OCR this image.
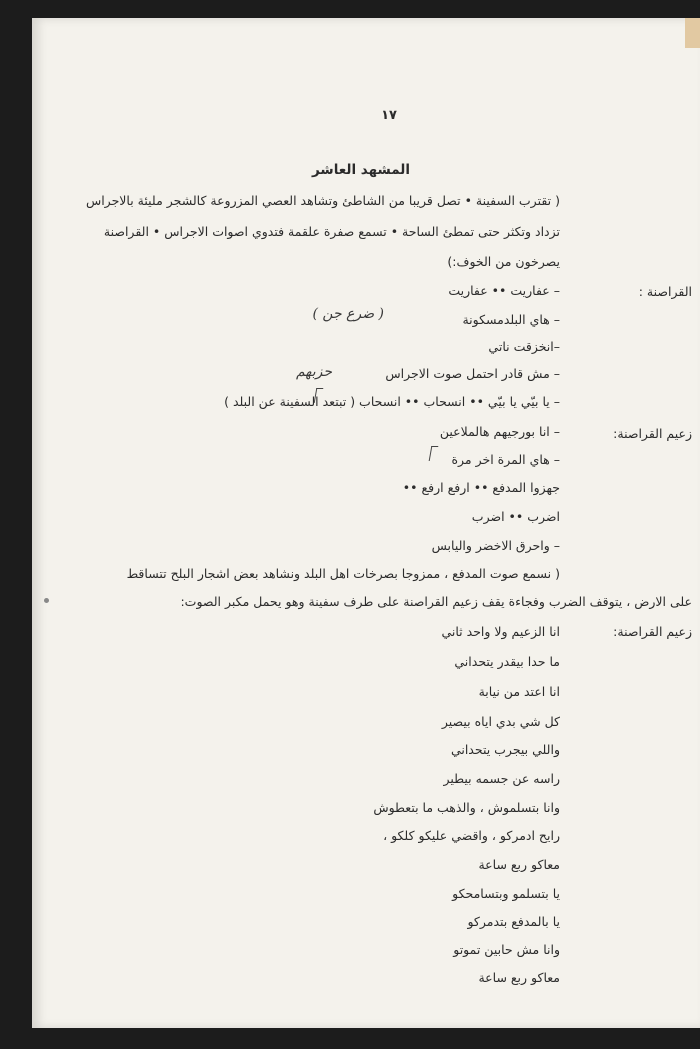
١٧
المشهد العاشر
( تقترب السفينة • تصل قريبا من الشاطئ وتشاهد العصي المزروعة كالشجر مليئة بالاجراس
تزداد وتكثر حتى تمطئ الساحة • تسمع صفرة علقمة فتدوي اصوات الاجراس • القراصنة
يصرخون من الخوف:)
القراصنة :
زعيم القراصنة:
زعيم القراصنة:
– عفاريت •• عفاريت
– هاي البلدمسكونة
( ضرع جن )
–انخزقت ناتي
– مش قادر احتمل صوت الاجراس
حزبهم
– يا بيّي يا بيّي •• انسحاب •• انسحاب ( تبتعد السفينة عن البلد )
– انا بورجيهم هالملاعين
– هاي المرة اخر مرة
جهزوا المدفع •• ارفع ارفع ••
اضرب •• اضرب
– واحرق الاخضر واليابس
( نسمع صوت المدفع ، ممزوجا بصرخات اهل البلد ونشاهد بعض اشجار البلح تتساقط
على الارض ، يتوقف الضرب وفجاءة يقف زعيم القراصنة على طرف سفينة وهو يحمل مكبر الصوت:
انا الزعيم ولا واحد ثاني
ما حدا بيقدر يتحداني
انا اعتد من نيابة
كل شي بدي اياه بيصير
واللي بيجرب يتحداني
راسه عن جسمه بيطير
وانا بتسلموش ، والذهب ما بتعطوش
رايح ادمركو ، واقضي عليكو كلكو ،
معاكو ربع ساعة
يا بتسلمو وبتسامحكو
يا بالمدفع بتدمركو
وانا مش حابين تموتو
معاكو ربع ساعة
